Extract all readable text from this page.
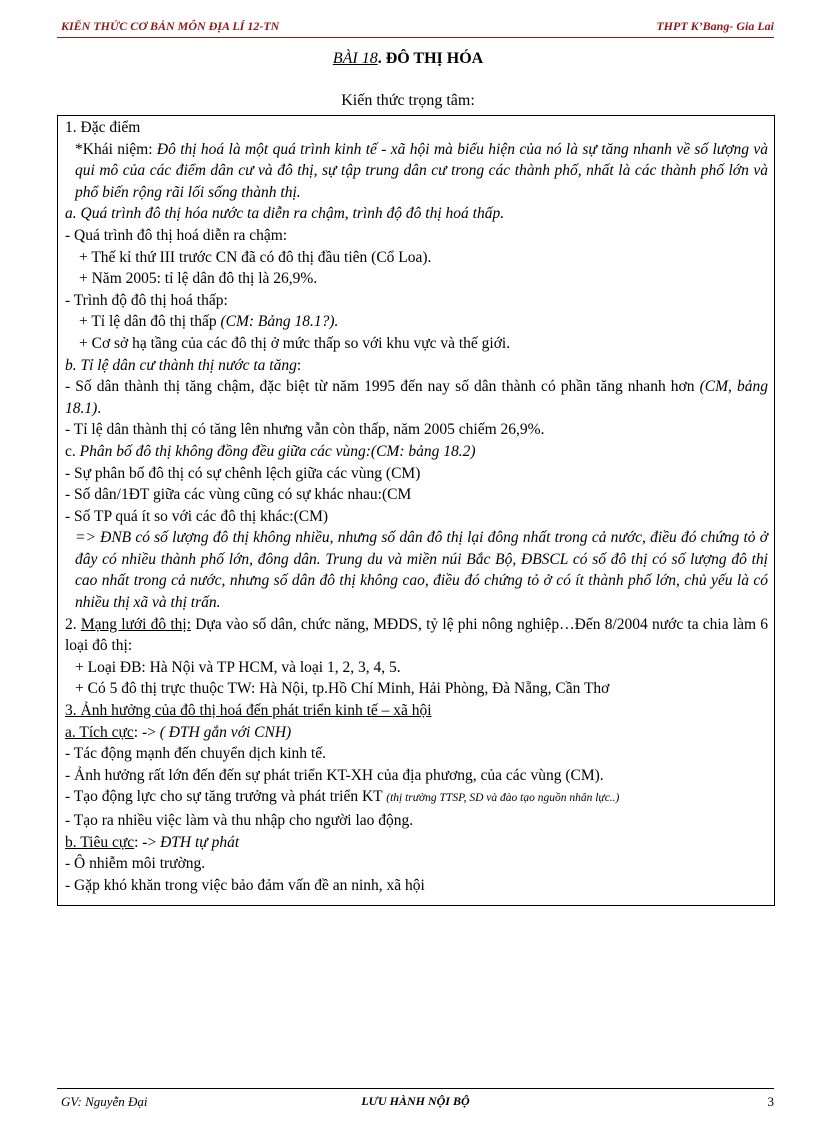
KIẾN THỨC CƠ BẢN MÔN ĐỊA LÍ 12-TN	THPT K’Bang- Gia Lai
BÀI 18. ĐÔ THỊ HÓA
Kiến thức trọng tâm:

1. Đặc điểm

*Khái niệm: Đô thị hoá là một quá trình kinh tế - xã hội mà biểu hiện của nó là sự tăng nhanh về số lượng và qui mô của các điểm dân cư và đô thị, sự tập trung dân cư trong các thành phố, nhất là các thành phố lớn và phổ biến rộng rãi lối sống thành thị.

a. Quá trình đô thị hóa nước ta diễn ra chậm, trình độ đô thị hoá thấp.

- Quá trình đô thị hoá diễn ra chậm:

+ Thế kỉ thứ III trước CN đã có đô thị đầu tiên (Cổ Loa).

+ Năm 2005: tỉ lệ dân đô thị là 26,9%.

- Trình độ đô thị hoá thấp:

+ Tỉ lệ dân đô thị thấp (CM: Bảng 18.1?).

+ Cơ sở hạ tầng của các đô thị ở mức thấp so với khu vực và thế giới.

b. Tỉ lệ dân cư thành thị nước ta tăng:

- Số dân thành thị tăng chậm, đặc biệt từ năm 1995 đến nay số dân thành có phần tăng nhanh hơn (CM, bảng 18.1).

- Tỉ lệ dân thành thị có tăng lên nhưng vẫn còn thấp, năm 2005 chiếm 26,9%.

c. Phân bố đô thị không đồng đều giữa các vùng:(CM: bảng 18.2)

- Sự phân bố đô thị có sự chênh lệch giữa các vùng (CM)

- Số dân/1ĐT giữa các vùng cũng có sự khác nhau:(CM

- Số TP quá ít so với các đô thị khác:(CM)

=> ĐNB có số lượng đô thị không nhiều, nhưng số dân đô thị lại đông nhất trong cả nước, điều đó chứng tỏ ở đây có nhiều thành phố lớn, đông dân. Trung du và miền núi Bắc Bộ, ĐBSCL có số đô thị có số lượng đô thị cao nhất trong cả nước, nhưng số dân đô thị không cao, điều đó chứng tỏ ở có ít thành phố lớn, chủ yếu là có nhiều thị xã và thị trấn.

2. Mạng lưới đô thị: Dựa vào số dân, chức năng, MĐDS, tỷ lệ phi nông nghiệp…Đến 8/2004 nước ta chia làm 6 loại đô thị:

+ Loại ĐB: Hà Nội và TP HCM, và loại 1, 2, 3, 4, 5.

+ Có 5 đô thị trực thuộc TW: Hà Nội, tp.Hồ Chí Minh, Hải Phòng, Đà Nẵng, Cần Thơ

3. Ảnh hưởng của đô thị hoá đến phát triển kinh tế – xã hội

a. Tích cực: -> ( ĐTH gắn với CNH)

- Tác động mạnh đến chuyển dịch kinh tế.

- Ảnh hưởng rất lớn đến đến sự phát triển KT-XH của địa phương, của các vùng (CM).

- Tạo động lực cho sự tăng trưởng và phát triển KT (thị trường TTSP, SD và đào tạo nguồn nhân lực..)

- Tạo ra nhiều việc làm và thu nhập cho người lao động.

b. Tiêu cực: -> ĐTH tự phát

- Ô nhiễm môi trường.

- Gặp khó khăn trong việc bảo đảm vấn đề an ninh, xã hội

GV: Nguyễn Đại	LƯU HÀNH NỘI BỘ	3
